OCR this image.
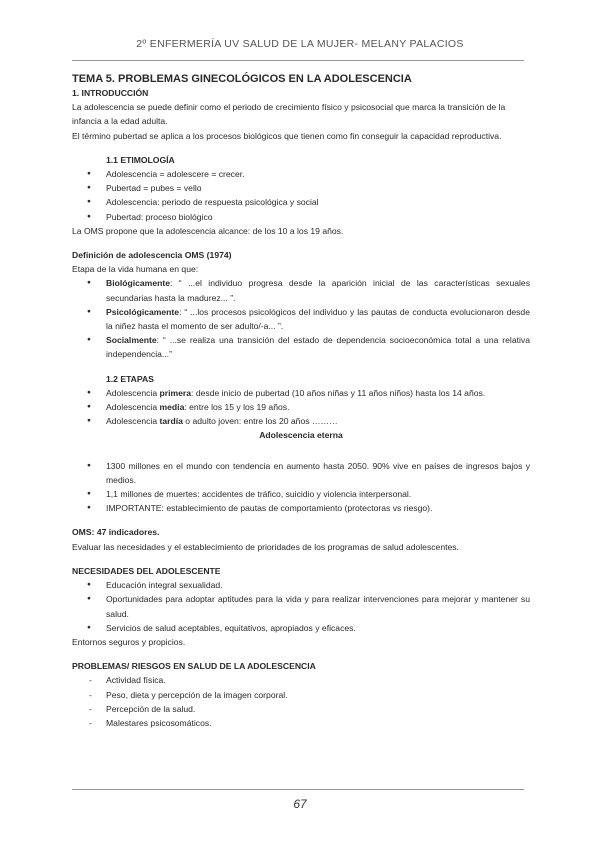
2º ENFERMERÍA UV SALUD DE LA MUJER- MELANY PALACIOS

TEMA 5. PROBLEMAS GINECOLÓGICOS EN LA ADOLESCENCIA

1. INTRODUCCIÓN

La adolescencia se puede definir como el periodo de crecimiento físico y psicosocial que marca la transición de la infancia a la edad adulta.

El término pubertad se aplica a los procesos biológicos que tienen como fin conseguir la capacidad reproductiva.

1.1 ETIMOLOGÍA

● Adolescencia = adolescere = crecer.
● Pubertad = pubes = vello
● Adolescencia: periodo de respuesta psicológica y social
● Pubertad: proceso biológico

La OMS propone que la adolescencia alcance: de los 10 a los 19 años.

Definición de adolescencia OMS (1974)

Etapa de la vida humana en que:

● Biológicamente: “ ...el individuo progresa desde la aparición inicial de las características sexuales secundarias hasta la madurez... ”.
● Psicológicamente: “ ...los procesos psicológicos del individuo y las pautas de conducta evolucionaron desde la niñez hasta el momento de ser adulto/-a... ”.
● Socialmente: “ ...se realiza una transición del estado de dependencia socioeconómica total a una relativa independencia...”

1.2 ETAPAS

● Adolescencia primera: desde inicio de pubertad (10 años niñas y 11 años niños) hasta los 14 años.
● Adolescencia media: entre los 15 y los 19 años.
● Adolescencia tardía o adulto joven: entre los 20 años ………

Adolescencia eterna

● 1300 millones en el mundo con tendencia en aumento hasta 2050. 90% vive en países de ingresos bajos y medios.
● 1,1 millones de muertes: accidentes de tráfico, suicidio y violencia interpersonal.
● IMPORTANTE: establecimiento de pautas de comportamiento (protectoras vs riesgo).

OMS: 47 indicadores.

Evaluar las necesidades y el establecimiento de prioridades de los programas de salud adolescentes.

NECESIDADES DEL ADOLESCENTE

● Educación integral sexualidad.
● Oportunidades para adoptar aptitudes para la vida y para realizar intervenciones para mejorar y mantener su salud.
● Servicios de salud aceptables, equitativos, apropiados y eficaces.

Entornos seguros y propicios.

PROBLEMAS/ RIESGOS EN SALUD DE LA ADOLESCENCIA

- Actividad física.
- Peso, dieta y percepción de la imagen corporal.
- Percepción de la salud.
- Malestares psicosomáticos.
67
